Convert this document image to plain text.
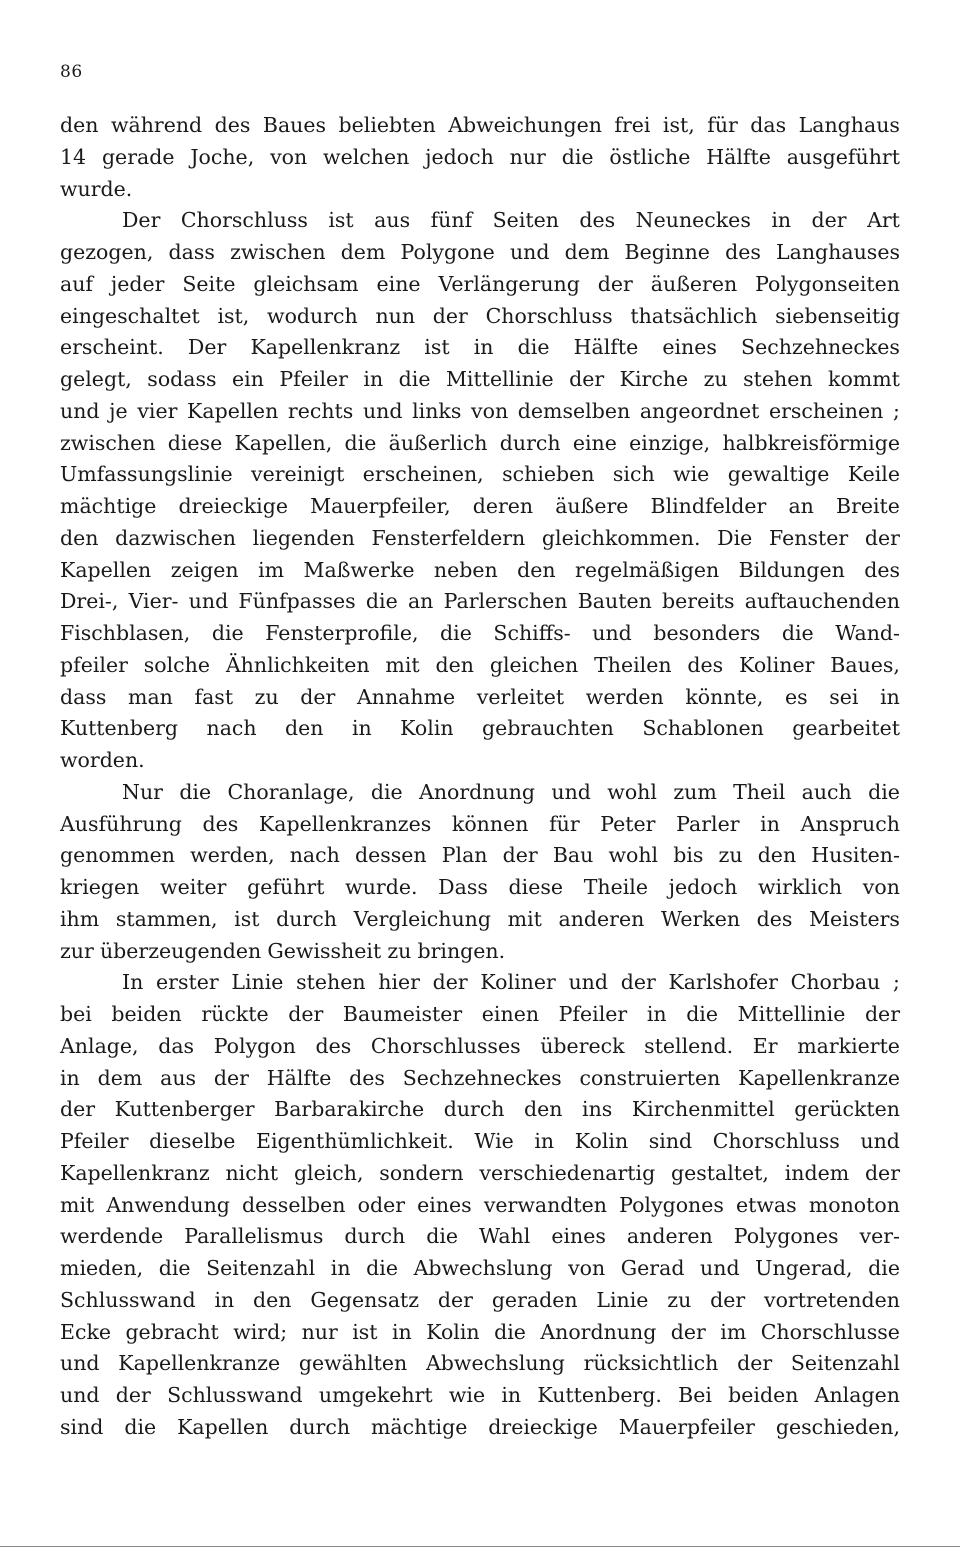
86
den während des Baues beliebten Abweichungen frei ist, für das Langhaus
14 gerade Joche, von welchen jedoch nur die östliche Hälfte ausgeführt
wurde.
Der Chorschluss ist aus fünf Seiten des Neuneckes in der Art
gezogen, dass zwischen dem Polygone und dem Beginne des Langhauses
auf jeder Seite gleichsam eine Verlängerung der äußeren Polygonseiten
eingeschaltet ist, wodurch nun der Chorschluss thatsächlich siebenseitig
erscheint. Der Kapellenkranz ist in die Hälfte eines Sechzehneckes
gelegt, sodass ein Pfeiler in die Mittellinie der Kirche zu stehen kommt
und je vier Kapellen rechts und links von demselben angeordnet erscheinen ;
zwischen diese Kapellen, die äußerlich durch eine einzige, halbkreisförmige
Umfassungslinie vereinigt erscheinen, schieben sich wie gewaltige Keile
mächtige dreieckige Mauerpfeiler, deren äußere Blindfelder an Breite
den dazwischen liegenden Fensterfeldern gleichkommen. Die Fenster der
Kapellen zeigen im Maßwerke neben den regelmäßigen Bildungen des
Drei-, Vier- und Fünfpasses die an Parlerschen Bauten bereits auftauchenden
Fischblasen, die Fensterprofile, die Schiffs- und besonders die Wand-
pfeiler solche Ähnlichkeiten mit den gleichen Theilen des Koliner Baues,
dass man fast zu der Annahme verleitet werden könnte, es sei in
Kuttenberg nach den in Kolin gebrauchten Schablonen gearbeitet
worden.
Nur die Choranlage, die Anordnung und wohl zum Theil auch die
Ausführung des Kapellenkranzes können für Peter Parler in Anspruch
genommen werden, nach dessen Plan der Bau wohl bis zu den Husiten-
kriegen weiter geführt wurde. Dass diese Theile jedoch wirklich von
ihm stammen, ist durch Vergleichung mit anderen Werken des Meisters
zur überzeugenden Gewissheit zu bringen.
In erster Linie stehen hier der Koliner und der Karlshofer Chorbau ;
bei beiden rückte der Baumeister einen Pfeiler in die Mittellinie der
Anlage, das Polygon des Chorschlusses übereck stellend. Er markierte
in dem aus der Hälfte des Sechzehneckes construierten Kapellenkranze
der Kuttenberger Barbarakirche durch den ins Kirchenmittel gerückten
Pfeiler dieselbe Eigenthümlichkeit. Wie in Kolin sind Chorschluss und
Kapellenkranz nicht gleich, sondern verschiedenartig gestaltet, indem der
mit Anwendung desselben oder eines verwandten Polygones etwas monoton
werdende Parallelismus durch die Wahl eines anderen Polygones ver-
mieden, die Seitenzahl in die Abwechslung von Gerad und Ungerad, die
Schlusswand in den Gegensatz der geraden Linie zu der vortretenden
Ecke gebracht wird; nur ist in Kolin die Anordnung der im Chorschlusse
und Kapellenkranze gewählten Abwechslung rücksichtlich der Seitenzahl
und der Schlusswand umgekehrt wie in Kuttenberg. Bei beiden Anlagen
sind die Kapellen durch mächtige dreieckige Mauerpfeiler geschieden,
